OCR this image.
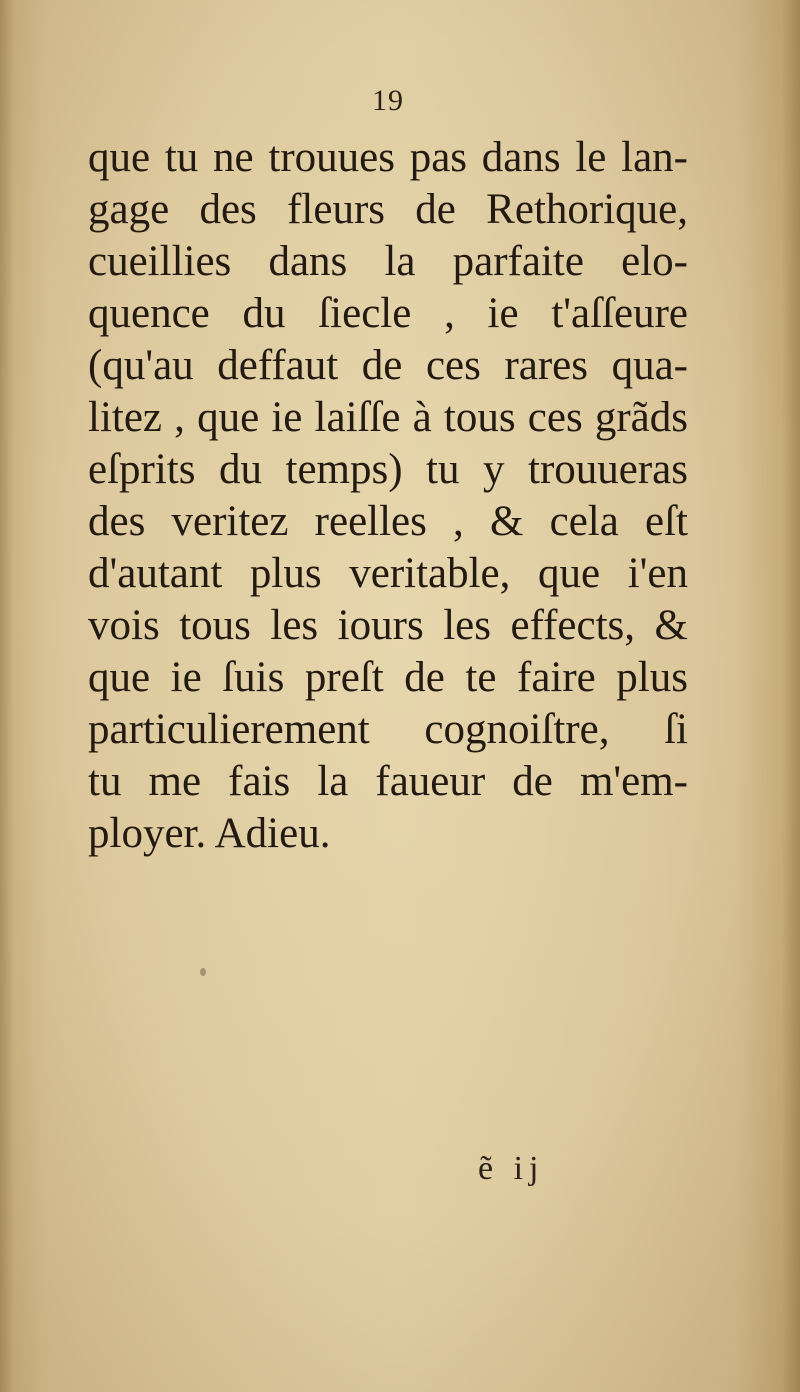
19
que tu ne trouues pas dans le lan-
gage des fleurs de Rethorique,
cueillies dans la parfaite elo-
quence du ſiecle , ie t'aſſeure
(qu'au deffaut de ces rares qua-
litez , que ie laiſſe à tous ces grãds
eſprits du temps) tu y trouueras
des veritez reelles , & cela eſt
d'autant plus veritable, que i'en
vois tous les iours les effects, &
que ie ſuis preſt de te faire plus
particulierement cognoiſtre, ſi
tu me fais la faueur de m'em-
ployer. Adieu.
ẽ ij
